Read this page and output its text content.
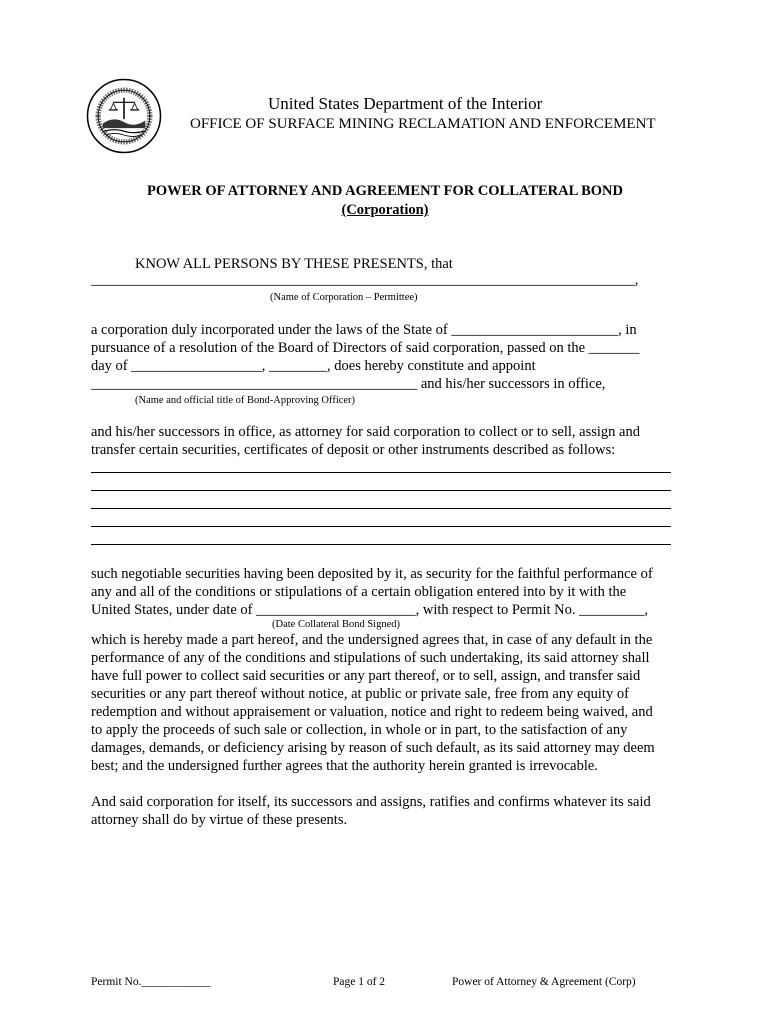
United States Department of the Interior
OFFICE OF SURFACE MINING RECLAMATION AND ENFORCEMENT
POWER OF ATTORNEY AND AGREEMENT FOR COLLATERAL BOND
(Corporation)
KNOW ALL PERSONS BY THESE PRESENTS, that
___________________________________________________________________________,
(Name of Corporation – Permittee)
a corporation duly incorporated under the laws of the State of _______________________, in
pursuance of a resolution of the Board of Directors of said corporation, passed on the _______
day of __________________, ________, does hereby constitute and appoint
_____________________________________________ and his/her successors in office,
(Name and official title of Bond-Approving Officer)
and his/her successors in office, as attorney for said corporation to collect or to sell, assign and
transfer certain securities, certificates of deposit or other instruments described as follows:
such negotiable securities having been deposited by it, as security for the faithful performance of
any and all of the conditions or stipulations of a certain obligation entered into by it with the
United States, under date of ______________________, with respect to Permit No. _________,
(Date Collateral Bond Signed)
which is hereby made a part hereof, and the undersigned agrees that, in case of any default in the
performance of any of the conditions and stipulations of such undertaking, its said attorney shall
have full power to collect said securities or any part thereof, or to sell, assign, and transfer said
securities or any part thereof without notice, at public or private sale, free from any equity of
redemption and without appraisement or valuation, notice and right to redeem being waived, and
to apply the proceeds of such sale or collection, in whole or in part, to the satisfaction of any
damages, demands, or deficiency arising by reason of such default, as its said attorney may deem
best; and the undersigned further agrees that the authority herein granted is irrevocable.
And said corporation for itself, its successors and assigns, ratifies and confirms whatever its said
attorney shall do by virtue of these presents.
Permit No.____________	Page 1 of 2	Power of Attorney & Agreement (Corp)
